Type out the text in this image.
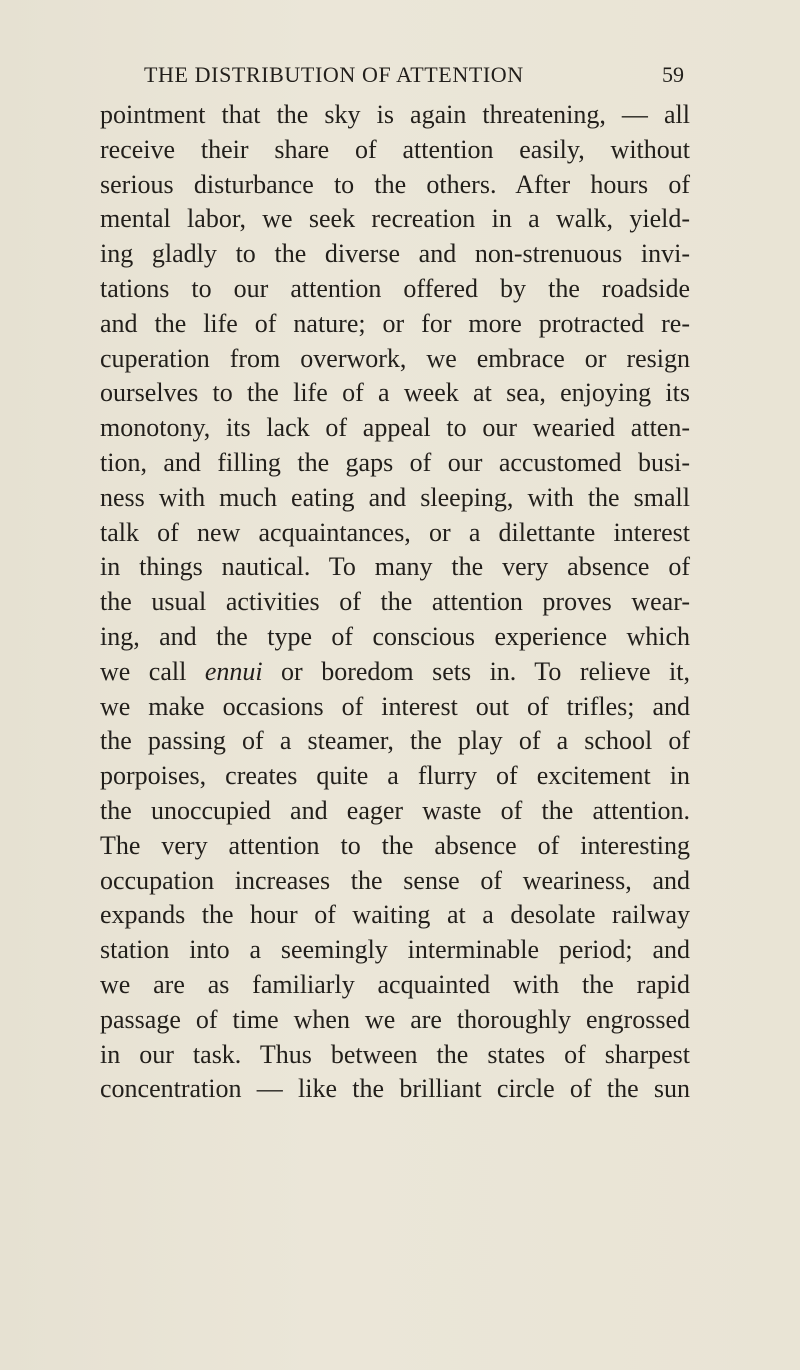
THE DISTRIBUTION OF ATTENTION	59
pointment that the sky is again threatening, — all
receive their share of attention easily, without
serious disturbance to the others. After hours of
mental labor, we seek recreation in a walk, yield-
ing gladly to the diverse and non-strenuous invi-
tations to our attention offered by the roadside
and the life of nature; or for more protracted re-
cuperation from overwork, we embrace or resign
ourselves to the life of a week at sea, enjoying its
monotony, its lack of appeal to our wearied atten-
tion, and filling the gaps of our accustomed busi-
ness with much eating and sleeping, with the small
talk of new acquaintances, or a dilettante interest
in things nautical. To many the very absence of
the usual activities of the attention proves wear-
ing, and the type of conscious experience which
we call ennui or boredom sets in. To relieve it,
we make occasions of interest out of trifles; and
the passing of a steamer, the play of a school of
porpoises, creates quite a flurry of excitement in
the unoccupied and eager waste of the attention.
The very attention to the absence of interesting
occupation increases the sense of weariness, and
expands the hour of waiting at a desolate railway
station into a seemingly interminable period; and
we are as familiarly acquainted with the rapid
passage of time when we are thoroughly engrossed
in our task. Thus between the states of sharpest
concentration — like the brilliant circle of the sun
